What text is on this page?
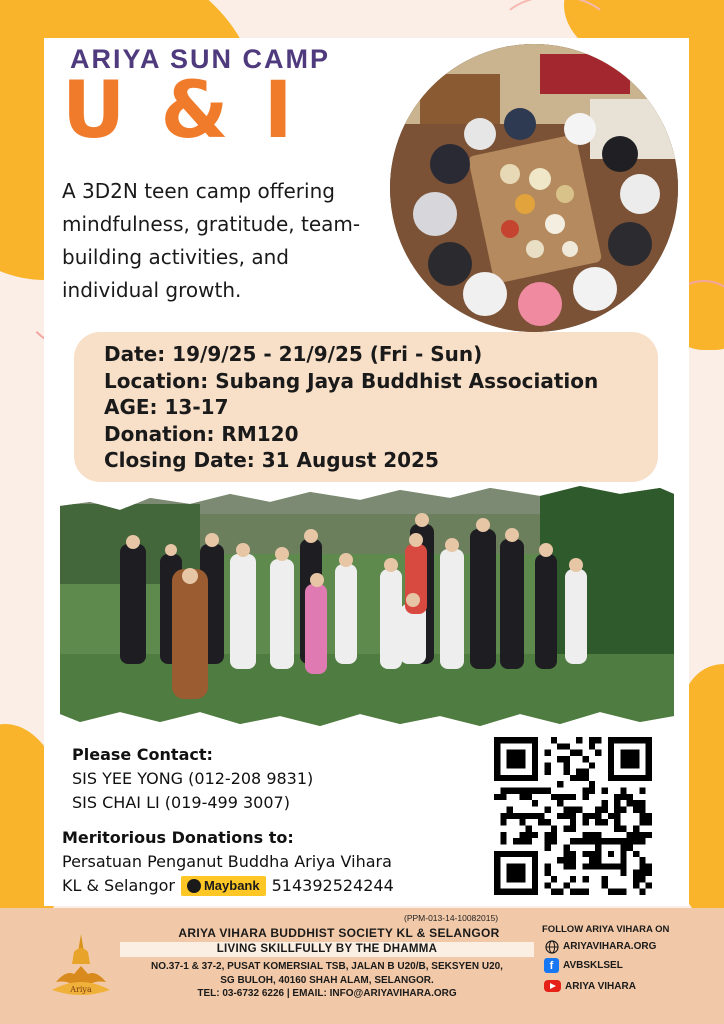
ARIYA SUN CAMP
U & I
A 3D2N teen camp offering
mindfulness, gratitude, team-
building activities, and
individual growth.
Date: 19/9/25 - 21/9/25 (Fri - Sun)
Location: Subang Jaya Buddhist Association
AGE: 13-17
Donation: RM120
Closing Date: 31 August 2025
Please Contact:
SIS YEE YONG (012-208 9831)
SIS CHAI LI (019-499 3007)
Meritorious Donations to:
Persatuan Penganut Buddha Ariya Vihara
KL & Selangor Maybank 514392524244
Ariya
(PPM-013-14-10082015)
ARIYA VIHARA BUDDHIST SOCIETY KL & SELANGOR
LIVING SKILLFULLY BY THE DHAMMA
NO.37-1 & 37-2, PUSAT KOMERSIAL TSB, JALAN B U20/B, SEKSYEN U20,
SG BULOH, 40160 SHAH ALAM, SELANGOR.
TEL: 03-6732 6226 | EMAIL: INFO@ARIYAVIHARA.ORG
FOLLOW ARIYA VIHARA ON
ARIYAVIHARA.ORG
f AVBSKLSEL
ARIYA VIHARA
